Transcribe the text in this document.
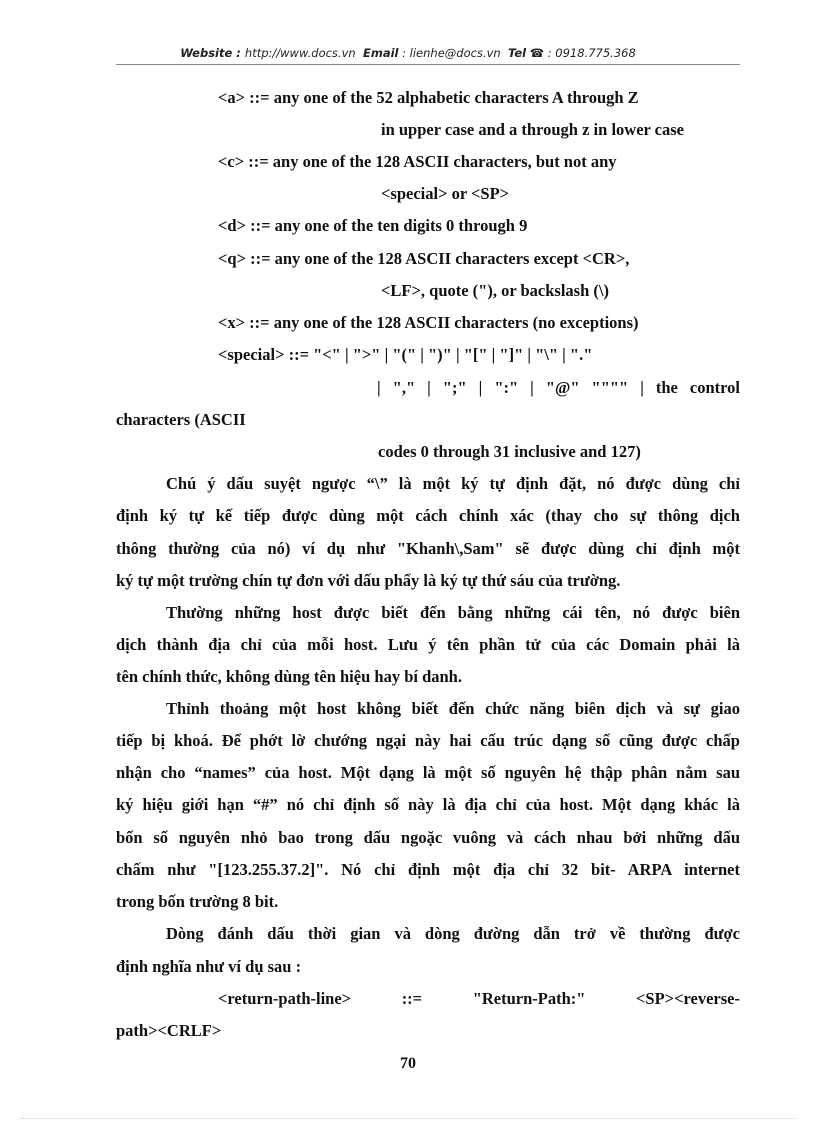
Website : http://www.docs.vn Email : lienhe@docs.vn Tel ☎ : 0918.775.368
<a> ::= any one of the 52 alphabetic characters A through Z
in upper case and a through z in lower case
<c> ::= any one of the 128 ASCII characters, but not any
<special> or <SP>
<d> ::= any one of the ten digits 0 through 9
<q> ::= any one of the 128 ASCII characters except <CR>,
<LF>, quote ("), or backslash (\)
<x> ::= any one of the 128 ASCII characters (no exceptions)
<special> ::= "<" | ">" | "(" | ")" | "[" | "]" | "\" | "."
| "," | ";" | ":" | "@" """" | the control
characters (ASCII
codes 0 through 31 inclusive and 127)
Chú ý dấu suyệt ngược “\” là một ký tự định đặt, nó được dùng chỉ
định ký tự kế tiếp được dùng một cách chính xác (thay cho sự thông dịch
thông thường của nó) ví dụ như "Khanh\,Sam" sẽ được dùng chỉ định một
ký tự một trường chín tự đơn với dấu phẩy là ký tự thứ sáu của trường.
Thường những host được biết đến bằng những cái tên, nó được biên
dịch thành địa chỉ của mỗi host. Lưu ý tên phần tử của các Domain phải là
tên chính thức, không dùng tên hiệu hay bí danh.
Thỉnh thoảng một host không biết đến chức năng biên dịch và sự giao
tiếp bị khoá. Để phớt lờ chướng ngại này hai cấu trúc dạng số cũng được chấp
nhận cho “names” của host. Một dạng là một số nguyên hệ thập phân nằm sau
ký hiệu giới hạn “#” nó chỉ định số này là địa chỉ của host. Một dạng khác là
bốn số nguyên nhỏ bao trong dấu ngoặc vuông và cách nhau bởi những dấu
chấm như "[123.255.37.2]". Nó chỉ định một địa chỉ 32 bit- ARPA internet
trong bốn trường 8 bit.
Dòng đánh dấu thời gian và dòng đường dẫn trở về thường được
định nghĩa như ví dụ sau :
<return-path-line>	::=	"Return-Path:"	<SP><reverse-
path><CRLF>
70
